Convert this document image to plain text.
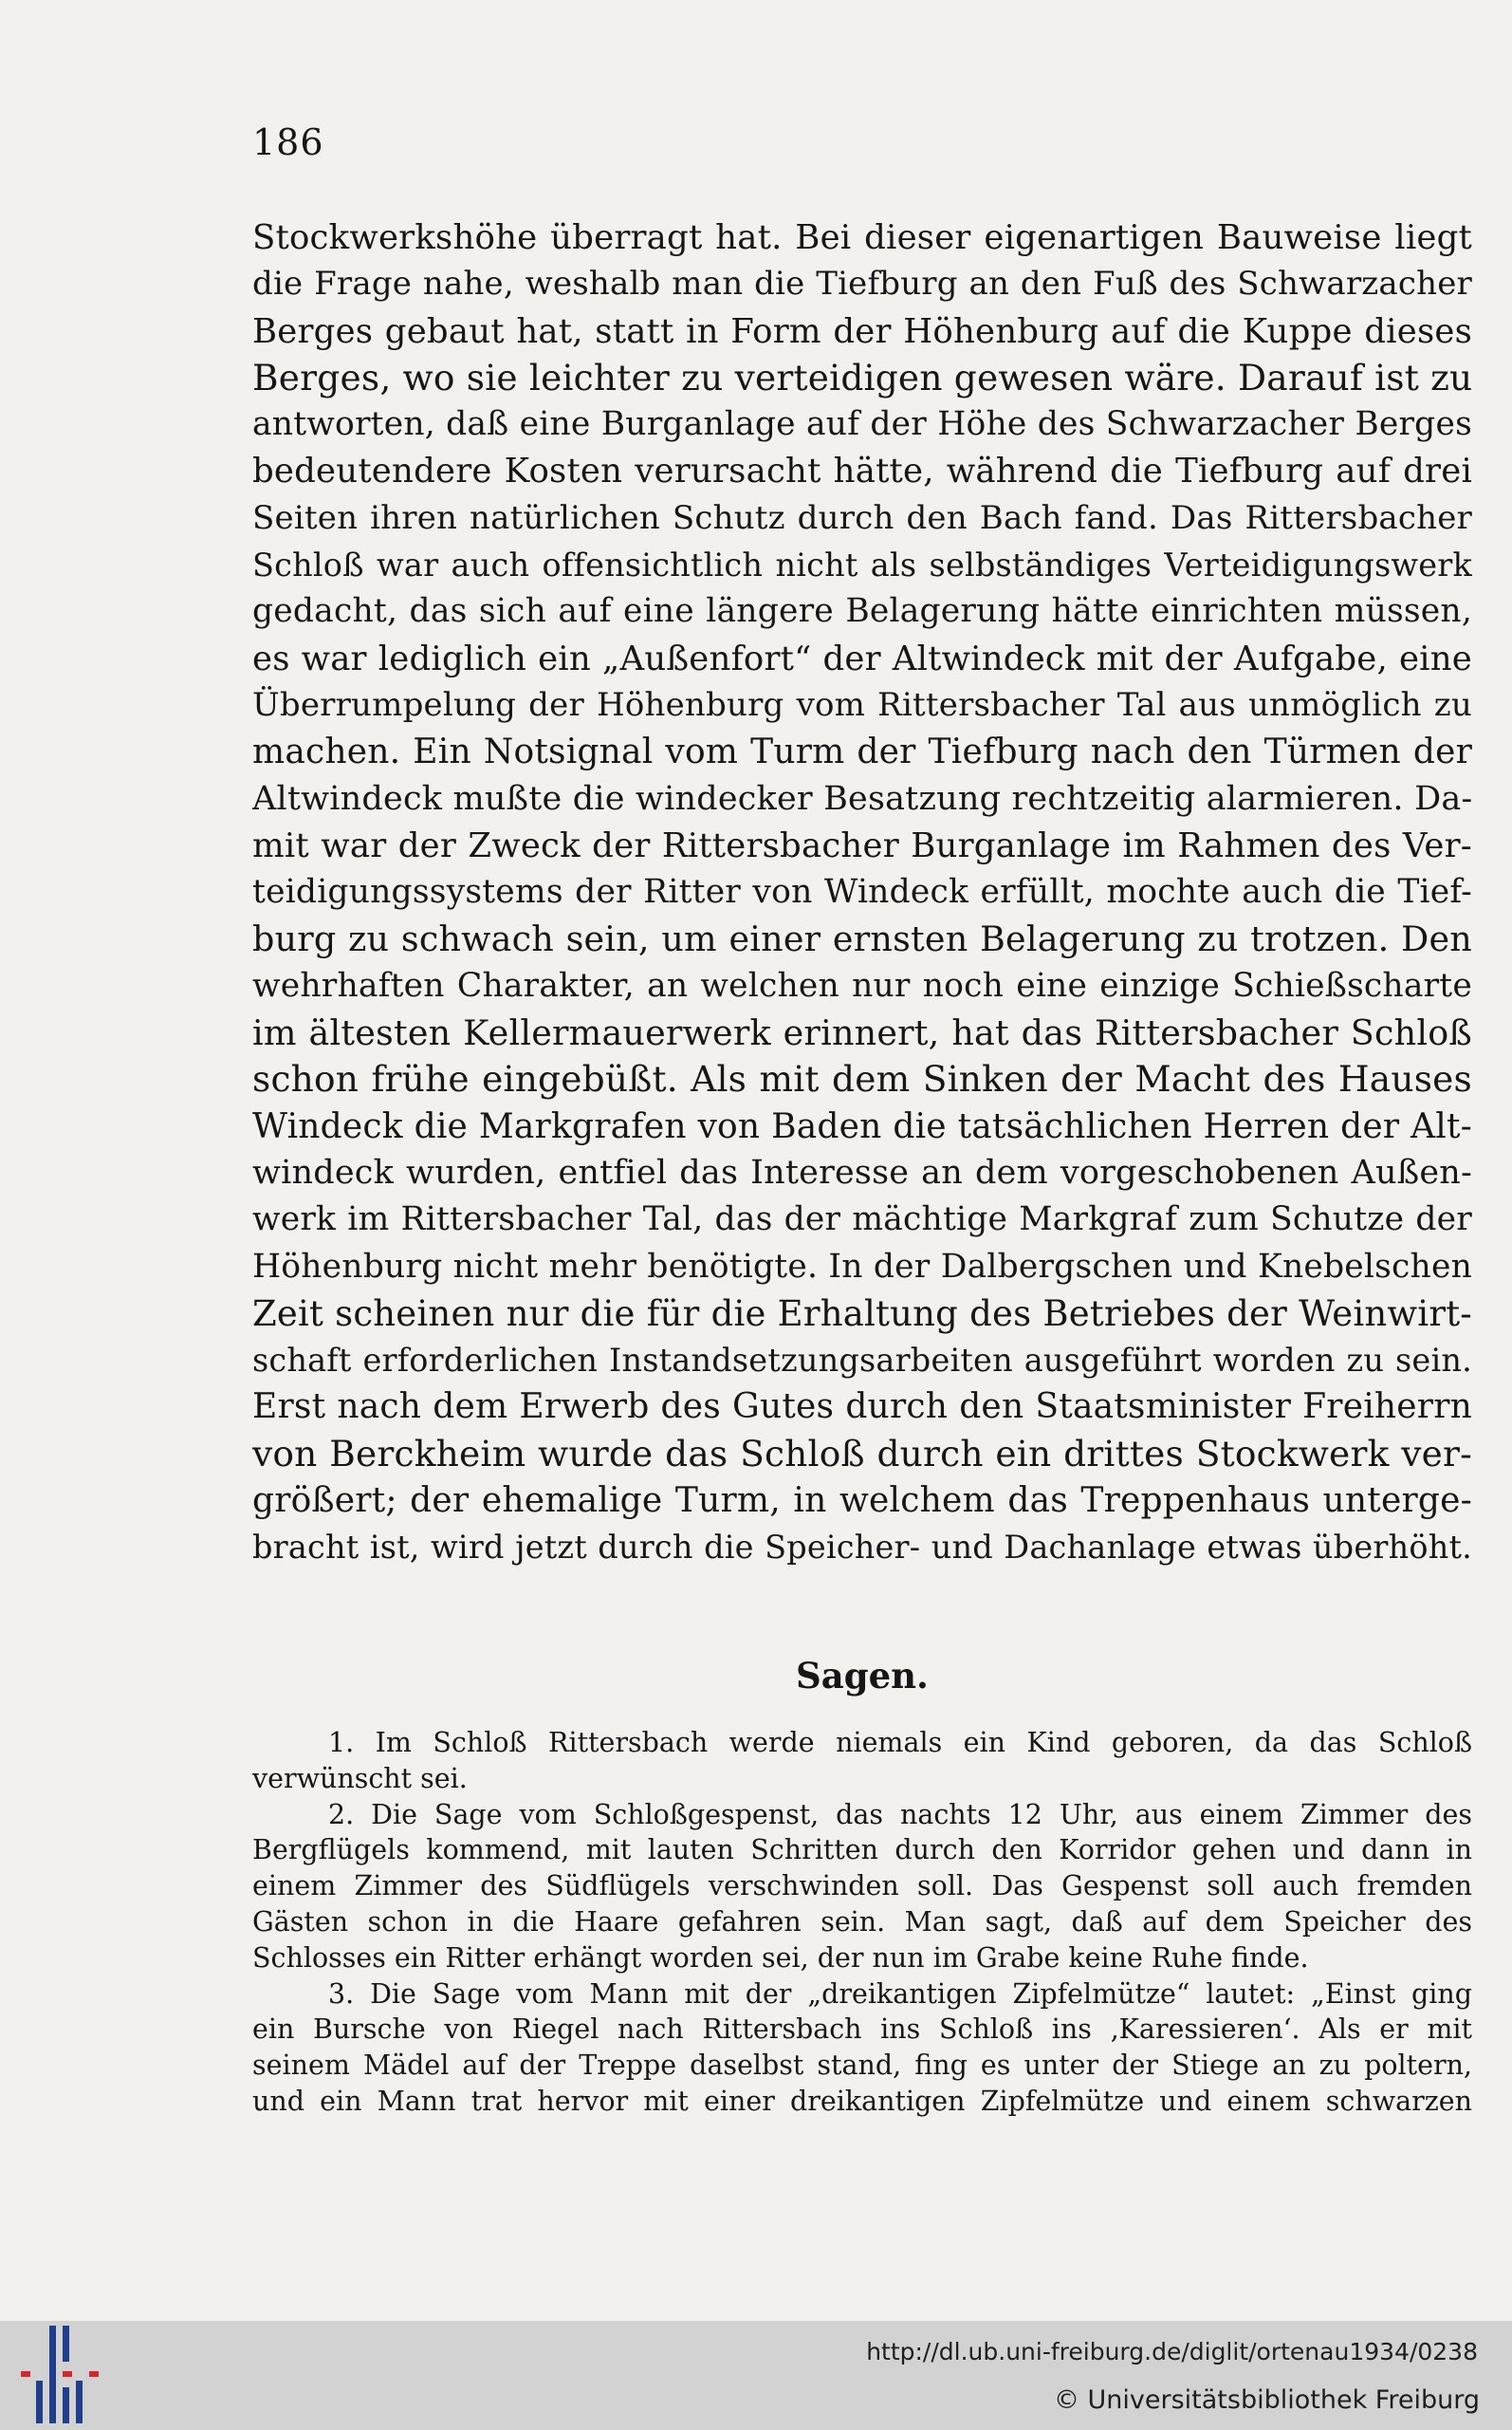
186
Stockwerkshöhe überragt hat. Bei dieser eigenartigen Bauweise liegt
die Frage nahe, weshalb man die Tiefburg an den Fuß des Schwarzacher
Berges gebaut hat, statt in Form der Höhenburg auf die Kuppe dieses
Berges, wo sie leichter zu verteidigen gewesen wäre. Darauf ist zu
antworten, daß eine Burganlage auf der Höhe des Schwarzacher Berges
bedeutendere Kosten verursacht hätte, während die Tiefburg auf drei
Seiten ihren natürlichen Schutz durch den Bach fand. Das Rittersbacher
Schloß war auch offensichtlich nicht als selbständiges Verteidigungswerk
gedacht, das sich auf eine längere Belagerung hätte einrichten müssen,
es war lediglich ein „Außenfort“ der Altwindeck mit der Aufgabe, eine
Überrumpelung der Höhenburg vom Rittersbacher Tal aus unmöglich zu
machen. Ein Notsignal vom Turm der Tiefburg nach den Türmen der
Altwindeck mußte die windecker Besatzung rechtzeitig alarmieren. Da-
mit war der Zweck der Rittersbacher Burganlage im Rahmen des Ver-
teidigungssystems der Ritter von Windeck erfüllt, mochte auch die Tief-
burg zu schwach sein, um einer ernsten Belagerung zu trotzen. Den
wehrhaften Charakter, an welchen nur noch eine einzige Schießscharte
im ältesten Kellermauerwerk erinnert, hat das Rittersbacher Schloß
schon frühe eingebüßt. Als mit dem Sinken der Macht des Hauses
Windeck die Markgrafen von Baden die tatsächlichen Herren der Alt-
windeck wurden, entfiel das Interesse an dem vorgeschobenen Außen-
werk im Rittersbacher Tal, das der mächtige Markgraf zum Schutze der
Höhenburg nicht mehr benötigte. In der Dalbergschen und Knebelschen
Zeit scheinen nur die für die Erhaltung des Betriebes der Weinwirt-
schaft erforderlichen Instandsetzungsarbeiten ausgeführt worden zu sein.
Erst nach dem Erwerb des Gutes durch den Staatsminister Freiherrn
von Berckheim wurde das Schloß durch ein drittes Stockwerk ver-
größert; der ehemalige Turm, in welchem das Treppenhaus unterge-
bracht ist, wird jetzt durch die Speicher- und Dachanlage etwas überhöht.
Sagen.
1. Im Schloß Rittersbach werde niemals ein Kind geboren, da das Schloß
verwünscht sei.
2. Die Sage vom Schloßgespenst, das nachts 12 Uhr, aus einem Zimmer des
Bergflügels kommend, mit lauten Schritten durch den Korridor gehen und dann in
einem Zimmer des Südflügels verschwinden soll. Das Gespenst soll auch fremden
Gästen schon in die Haare gefahren sein. Man sagt, daß auf dem Speicher des
Schlosses ein Ritter erhängt worden sei, der nun im Grabe keine Ruhe finde.
3. Die Sage vom Mann mit der „dreikantigen Zipfelmütze“ lautet: „Einst ging
ein Bursche von Riegel nach Rittersbach ins Schloß ins ‚Karessieren‘. Als er mit
seinem Mädel auf der Treppe daselbst stand, fing es unter der Stiege an zu poltern,
und ein Mann trat hervor mit einer dreikantigen Zipfelmütze und einem schwarzen
http://dl.ub.uni-freiburg.de/diglit/ortenau1934/0238
© Universitätsbibliothek Freiburg
